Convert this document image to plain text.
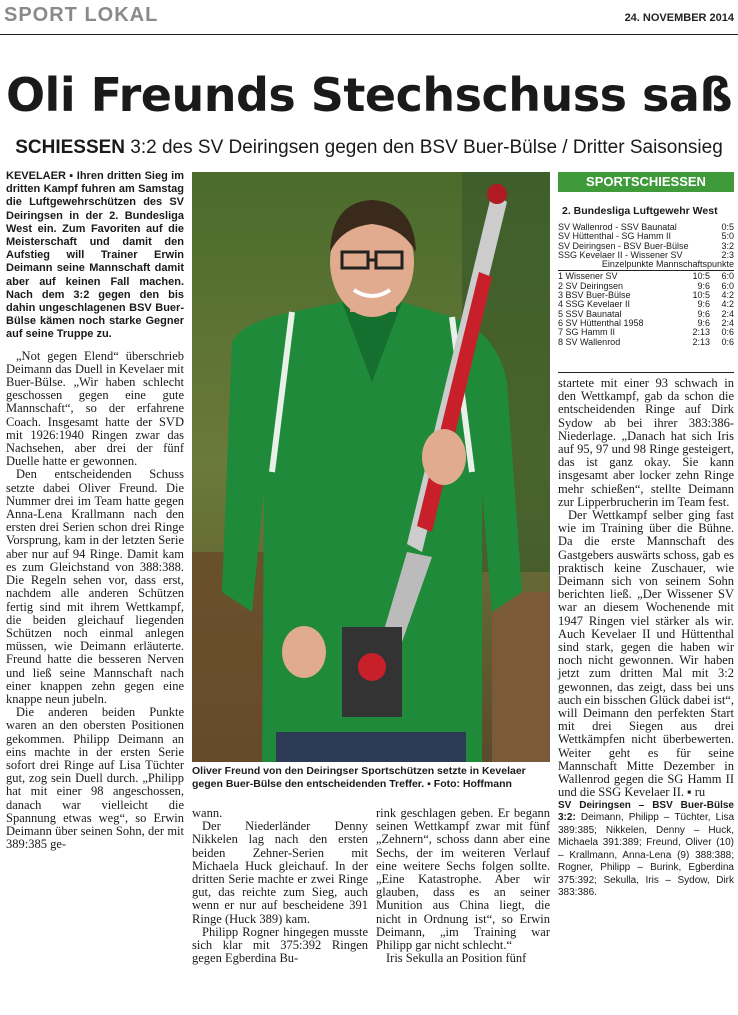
SPORT LOKAL	24. NOVEMBER 2014
Oli Freunds Stechschuss saß
SCHIESSEN 3:2 des SV Deiringsen gegen den BSV Buer-Bülse / Dritter Saisonsieg

KEVELAER ▪ Ihren dritten Sieg im dritten Kampf fuhren am Samstag die Luftgewehrschützen des SV Deiringsen in der 2. Bundesliga West ein. Zum Favoriten auf die Meisterschaft und damit den Aufstieg will Trainer Erwin Deimann seine Mannschaft damit aber auf keinen Fall machen. Nach dem 3:2 gegen den bis dahin ungeschlagenen BSV Buer-Bülse kämen noch starke Gegner auf seine Truppe zu.

„Not gegen Elend“ überschrieb Deimann das Duell in Kevelaer mit Buer-Bülse. „Wir haben schlecht geschossen gegen eine gute Mannschaft“, so der erfahrene Coach. Insgesamt hatte der SVD mit 1926:1940 Ringen zwar das Nachsehen, aber drei der fünf Duelle hatte er gewonnen.

Den entscheidenden Schuss setzte dabei Oliver Freund. Die Nummer drei im Team hatte gegen Anna-Lena Krallmann nach den ersten drei Serien schon drei Ringe Vorsprung, kam in der letzten Serie aber nur auf 94 Ringe. Damit kam es zum Gleichstand von 388:388. Die Regeln sehen vor, dass erst, nachdem alle anderen Schützen fertig sind mit ihrem Wettkampf, die beiden gleichauf liegenden Schützen noch einmal anlegen müssen, wie Deimann erläuterte. Freund hatte die besseren Nerven und ließ seine Mannschaft nach einer knappen zehn gegen eine knappe neun jubeln.

Die anderen beiden Punkte waren an den obersten Positionen gekommen. Philipp Deimann an eins machte in der ersten Serie sofort drei Ringe auf Lisa Tüchter gut, zog sein Duell durch. „Philipp hat mit einer 98 angeschossen, danach war vielleicht die Spannung etwas weg“, so Erwin Deimann über seinen Sohn, der mit 389:385 ge-

Oliver Freund von den Deiringser Sportschützen setzte in Kevelaer gegen Buer-Bülse den entscheidenden Treffer. ▪ Foto: Hoffmann

wann.

Der Niederländer Denny Nikkelen lag nach den ersten beiden Zehner-Serien mit Michaela Huck gleichauf. In der dritten Serie machte er zwei Ringe gut, das reichte zum Sieg, auch wenn er nur auf bescheidene 391 Ringe (Huck 389) kam.

Philipp Rogner hingegen musste sich klar mit 375:392 Ringen gegen Egberdina Bu-

rink geschlagen geben. Er begann seinen Wettkampf zwar mit fünf „Zehnern“, schoss dann aber eine Sechs, der im weiteren Verlauf eine weitere Sechs folgen sollte. „Eine Katastrophe. Aber wir glauben, dass es an seiner Munition aus China liegt, die nicht in Ordnung ist“, so Erwin Deimann, „im Training war Philipp gar nicht schlecht.“

Iris Sekulla an Position fünf

SPORTSCHIESSEN
2. Bundesliga Luftgewehr West
SV Wallenrod - SSV Baunatal	0:5
SV Hüttenthal - SG Hamm II	5:0
SV Deiringsen - BSV Buer-Bülse	3:2
SSG Kevelaer II - Wissener SV	2:3
Einzelpunkte Mannschaftspunkte
1 Wissener SV	10:5 6:0
2 SV Deiringsen	9:6 6:0
3 BSV Buer-Bülse	10:5 4:2
4 SSG Kevelaer II	9:6 4:2
5 SSV Baunatal	9:6 2:4
6 SV Hüttenthal 1958	9:6 2:4
7 SG Hamm II	2:13 0:6
8 SV Wallenrod	2:13 0:6

startete mit einer 93 schwach in den Wettkampf, gab da schon die entscheidenden Ringe auf Dirk Sydow ab bei ihrer 383:386-Niederlage. „Danach hat sich Iris auf 95, 97 und 98 Ringe gesteigert, das ist ganz okay. Sie kann insgesamt aber locker zehn Ringe mehr schießen“, stellte Deimann zur Lipperbrucherin im Team fest.

Der Wettkampf selber ging fast wie im Training über die Bühne. Da die erste Mannschaft des Gastgebers auswärts schoss, gab es praktisch keine Zuschauer, wie Deimann sich von seinem Sohn berichten ließ. „Der Wissener SV war an diesem Wochenende mit 1947 Ringen viel stärker als wir. Auch Kevelaer II und Hüttenthal sind stark, gegen die haben wir noch nicht gewonnen. Wir haben jetzt zum dritten Mal mit 3:2 gewonnen, das zeigt, dass bei uns auch ein bisschen Glück dabei ist“, will Deimann den perfekten Start mit drei Siegen aus drei Wettkämpfen nicht überbewerten. Weiter geht es für seine Mannschaft Mitte Dezember in Wallenrod gegen die SG Hamm II und die SSG Kevelaer II. ▪ ru

SV Deiringsen – BSV Buer-Bülse 3:2: Deimann, Philipp – Tüchter, Lisa 389:385; Nikkelen, Denny – Huck, Michaela 391:389; Freund, Oliver (10) – Krallmann, Anna-Lena (9) 388:388; Rogner, Philipp – Burink, Egberdina 375:392; Sekulla, Iris – Sydow, Dirk 383:386.
